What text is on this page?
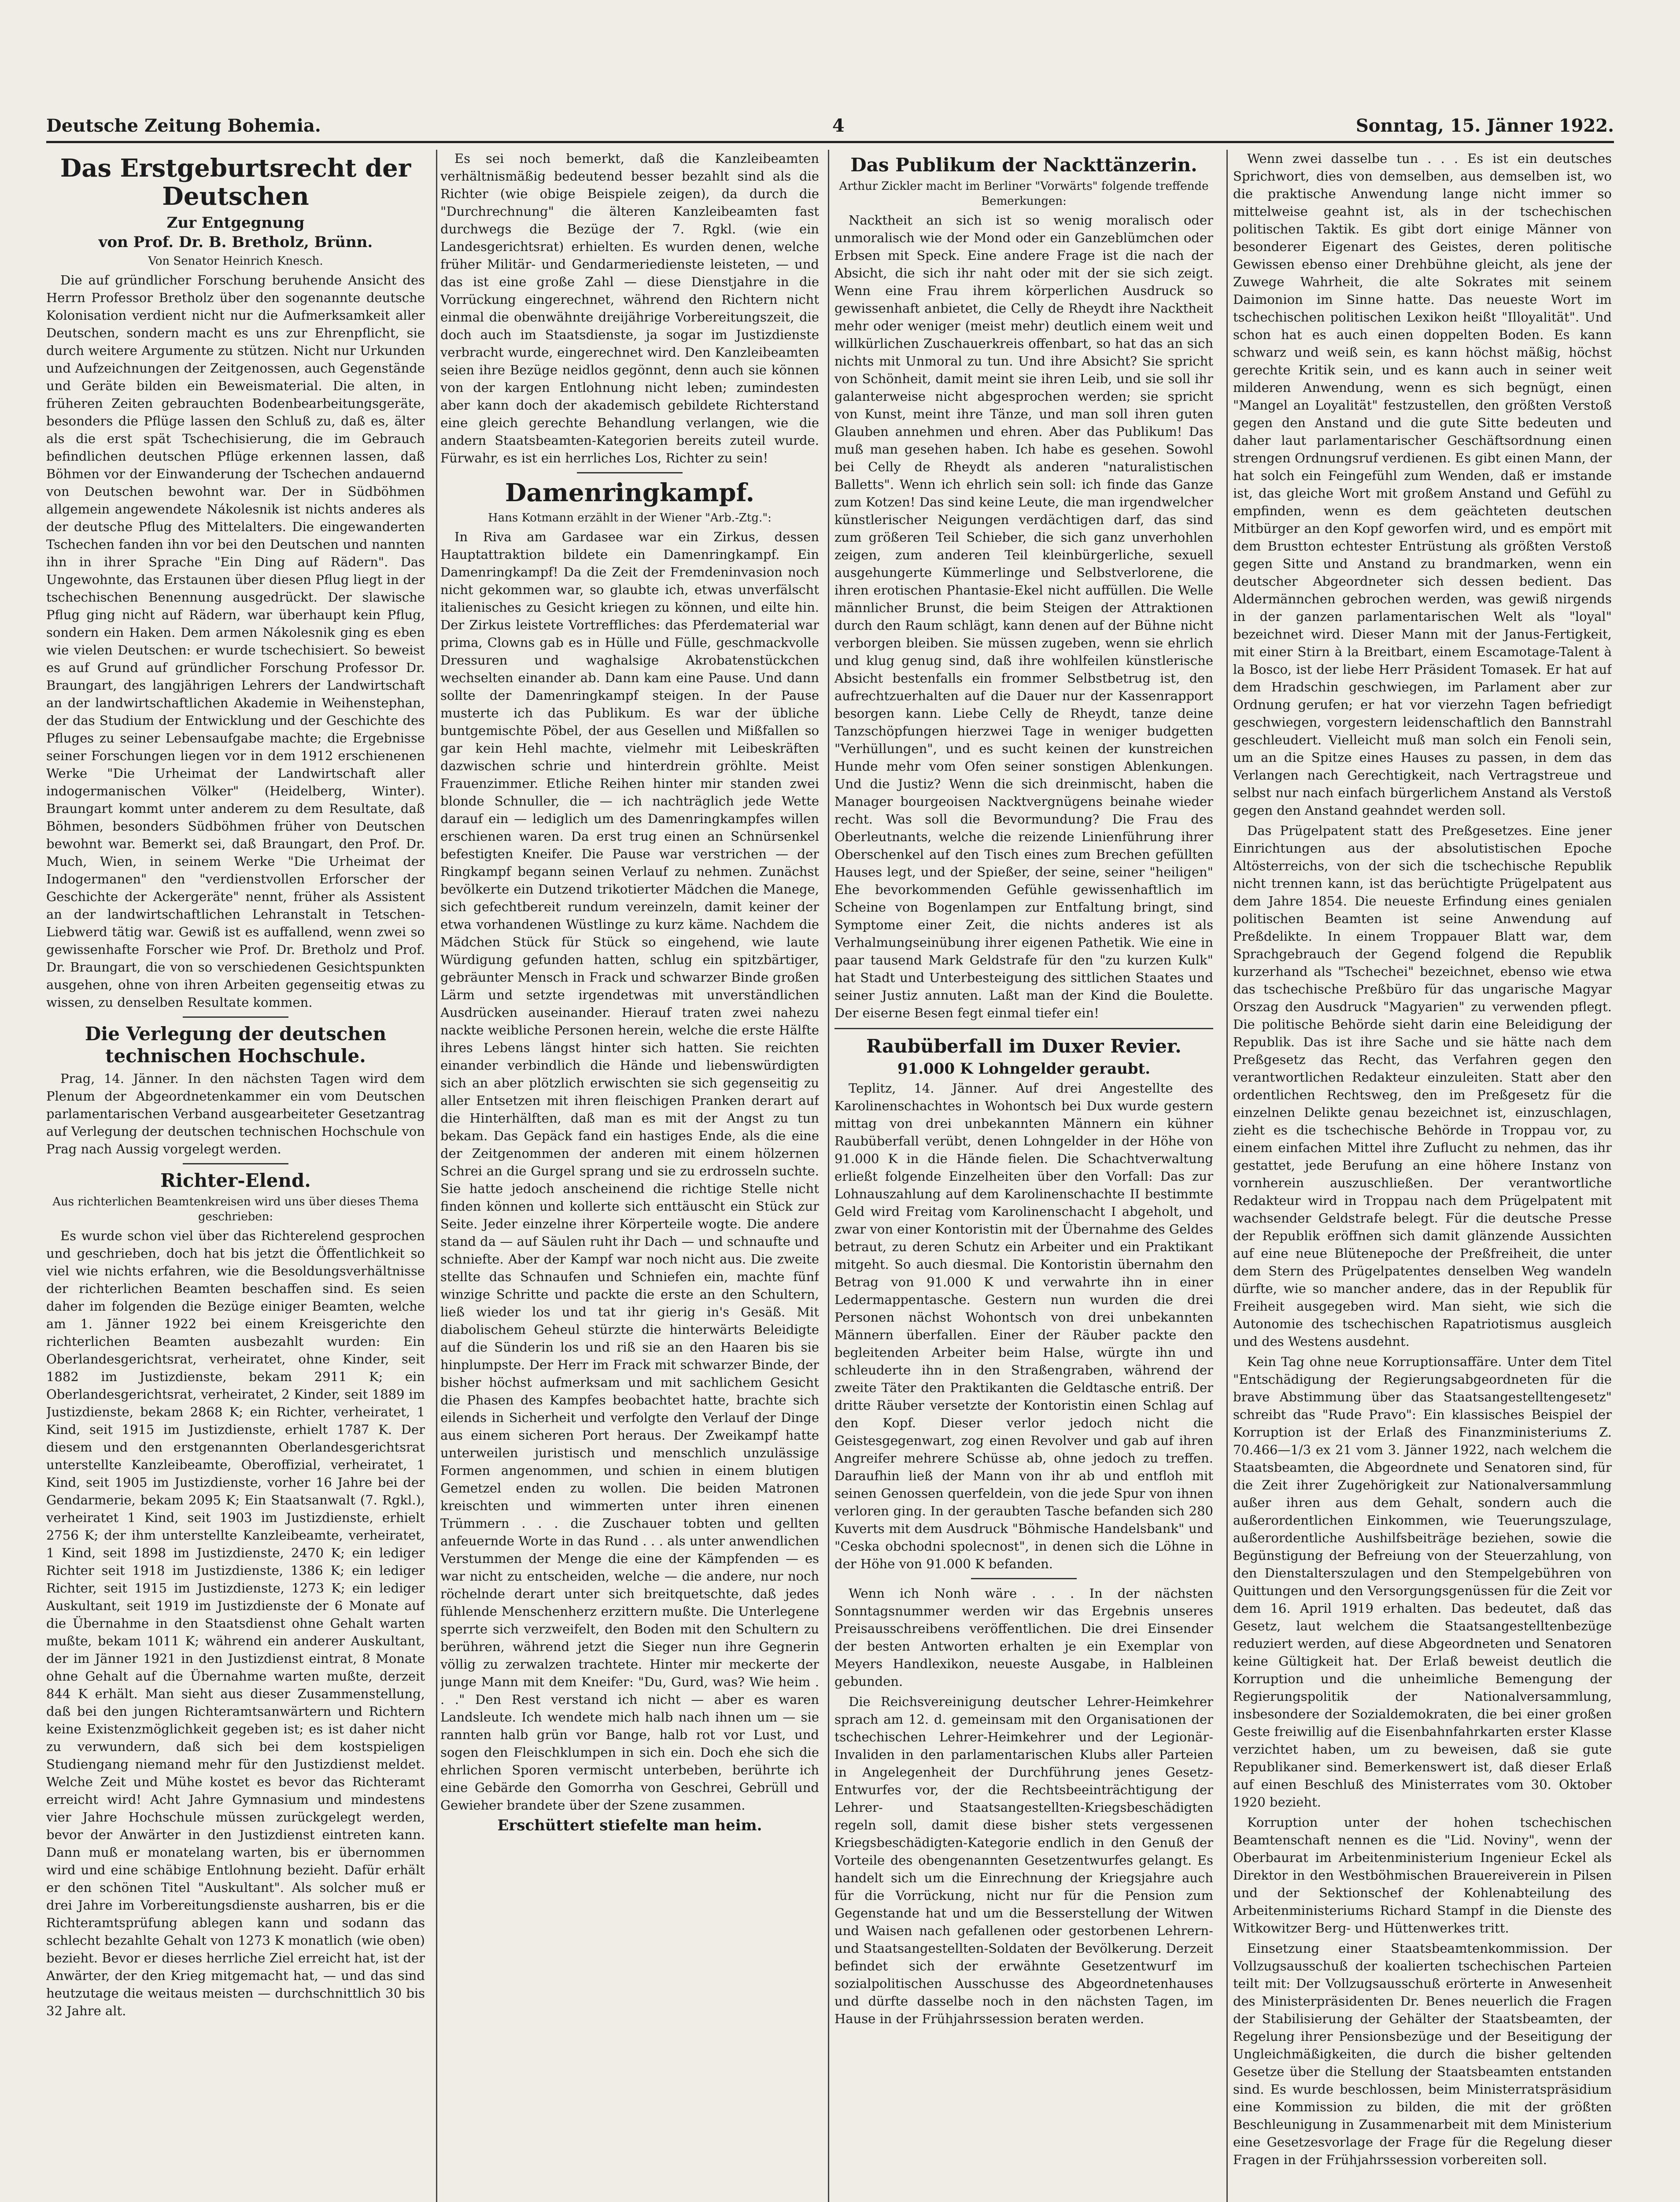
Deutsche Zeitung Bohemia.	4	Sonntag, 15. Jänner 1922.
Das Erstgeburtsrecht der Deutschen
Zur Entgegnung
von Prof. Dr. B. Bretholz, Brünn.
Von Senator Heinrich Knesch.

Die auf gründlicher Forschung beruhende Ansicht des Herrn Professor Bretholz über den sogenannte deutsche Kolonisation verdient nicht nur die Aufmerksamkeit aller Deutschen, sondern macht es uns zur Ehrenpflicht, sie durch weitere Argumente zu stützen. Nicht nur Urkunden und Aufzeichnungen der Zeitgenossen, auch Gegenstände und Geräte bilden ein Beweismaterial. Die alten, in früheren Zeiten gebrauchten Bodenbearbeitungsgeräte, besonders die Pflüge lassen den Schluß zu, daß es, älter als die erst spät Tschechisierung, die im Gebrauch befindlichen deutschen Pflüge erkennen lassen, daß Böhmen vor der Einwanderung der Tschechen andauernd von Deutschen bewohnt war. Der in Südböhmen allgemein angewendete Nákolesnik ist nichts anderes als der deutsche Pflug des Mittelalters. Die eingewanderten Tschechen fanden ihn vor bei den Deutschen und nannten ihn in ihrer Sprache "Ein Ding auf Rädern". Das Ungewohnte, das Erstaunen über diesen Pflug liegt in der tschechischen Benennung ausgedrückt. Der slawische Pflug ging nicht auf Rädern, war überhaupt kein Pflug, sondern ein Haken. Dem armen Nákolesnik ging es eben wie vielen Deutschen: er wurde tschechisiert. So beweist es auf Grund auf gründlicher Forschung Professor Dr. Braungart, des langjährigen Lehrers der Landwirtschaft an der landwirtschaftlichen Akademie in Weihenstephan, der das Studium der Entwicklung und der Geschichte des Pfluges zu seiner Lebensaufgabe machte; die Ergebnisse seiner Forschungen liegen vor in dem 1912 erschienenen Werke "Die Urheimat der Landwirtschaft aller indogermanischen Völker" (Heidelberg, Winter). Braungart kommt unter anderem zu dem Resultate, daß Böhmen, besonders Südböhmen früher von Deutschen bewohnt war. Bemerkt sei, daß Braungart, den Prof. Dr. Much, Wien, in seinem Werke "Die Urheimat der Indogermanen" den "verdienstvollen Erforscher der Geschichte der Ackergeräte" nennt, früher als Assistent an der landwirtschaftlichen Lehranstalt in Tetschen-Liebwerd tätig war. Gewiß ist es auffallend, wenn zwei so gewissenhafte Forscher wie Prof. Dr. Bretholz und Prof. Dr. Braungart, die von so verschiedenen Gesichtspunkten ausgehen, ohne von ihren Arbeiten gegenseitig etwas zu wissen, zu denselben Resultate kommen.

Die Verlegung der deutschen technischen Hochschule.

Prag, 14. Jänner. In den nächsten Tagen wird dem Plenum der Abgeordnetenkammer ein vom Deutschen parlamentarischen Verband ausgearbeiteter Gesetzantrag auf Verlegung der deutschen technischen Hochschule von Prag nach Aussig vorgelegt werden.

Richter-Elend.
Aus richterlichen Beamtenkreisen wird uns über dieses Thema geschrieben:

Es wurde schon viel über das Richterelend gesprochen und geschrieben, doch hat bis jetzt die Öffentlichkeit so viel wie nichts erfahren, wie die Besoldungsverhältnisse der richterlichen Beamten beschaffen sind. Es seien daher im folgenden die Bezüge einiger Beamten, welche am 1. Jänner 1922 bei einem Kreisgerichte den richterlichen Beamten ausbezahlt wurden: Ein Oberlandesgerichtsrat, verheiratet, ohne Kinder, seit 1882 im Justizdienste, bekam 2911 K; ein Oberlandesgerichtsrat, verheiratet, 2 Kinder, seit 1889 im Justizdienste, bekam 2868 K; ein Richter, verheiratet, 1 Kind, seit 1915 im Justizdienste, erhielt 1787 K. Der diesem und den erstgenannten Oberlandesgerichtsrat unterstellte Kanzleibeamte, Oberoffizial, verheiratet, 1 Kind, seit 1905 im Justizdienste, vorher 16 Jahre bei der Gendarmerie, bekam 2095 K; Ein Staatsanwalt (7. Rgkl.), verheiratet 1 Kind, seit 1903 im Justizdienste, erhielt 2756 K; der ihm unterstellte Kanzleibeamte, verheiratet, 1 Kind, seit 1898 im Justizdienste, 2470 K; ein lediger Richter seit 1918 im Justizdienste, 1386 K; ein lediger Richter, seit 1915 im Justizdienste, 1273 K; ein lediger Auskultant, seit 1919 im Justizdienste der 6 Monate auf die Übernahme in den Staatsdienst ohne Gehalt warten mußte, bekam 1011 K; während ein anderer Auskultant, der im Jänner 1921 in den Justizdienst eintrat, 8 Monate ohne Gehalt auf die Übernahme warten mußte, derzeit 844 K erhält. Man sieht aus dieser Zusammenstellung, daß bei den jungen Richteramtsanwärtern und Richtern keine Existenzmöglichkeit gegeben ist; es ist daher nicht zu verwundern, daß sich bei dem kostspieligen Studiengang niemand mehr für den Justizdienst meldet. Welche Zeit und Mühe kostet es bevor das Richteramt erreicht wird! Acht Jahre Gymnasium und mindestens vier Jahre Hochschule müssen zurückgelegt werden, bevor der Anwärter in den Justizdienst eintreten kann. Dann muß er monatelang warten, bis er übernommen wird und eine schäbige Entlohnung bezieht. Dafür erhält er den schönen Titel "Auskultant". Als solcher muß er drei Jahre im Vorbereitungsdienste ausharren, bis er die Richteramtsprüfung ablegen kann und sodann das schlecht bezahlte Gehalt von 1273 K monatlich (wie oben) bezieht. Bevor er dieses herrliche Ziel erreicht hat, ist der Anwärter, der den Krieg mitgemacht hat, — und das sind heutzutage die weitaus meisten — durchschnittlich 30 bis 32 Jahre alt.

Es sei noch bemerkt, daß die Kanzleibeamten verhältnismäßig bedeutend besser bezahlt sind als die Richter (wie obige Beispiele zeigen), da durch die "Durchrechnung" die älteren Kanzleibeamten fast durchwegs die Bezüge der 7. Rgkl. (wie ein Landesgerichtsrat) erhielten. Es wurden denen, welche früher Militär- und Gendarmeriedienste leisteten, — und das ist eine große Zahl — diese Dienstjahre in die Vorrückung eingerechnet, während den Richtern nicht einmal die obenwähnte dreijährige Vorbereitungszeit, die doch auch im Staatsdienste, ja sogar im Justizdienste verbracht wurde, eingerechnet wird. Den Kanzleibeamten seien ihre Bezüge neidlos gegönnt, denn auch sie können von der kargen Entlohnung nicht leben; zumindesten aber kann doch der akademisch gebildete Richterstand eine gleich gerechte Behandlung verlangen, wie die andern Staatsbeamten-Kategorien bereits zuteil wurde. Fürwahr, es ist ein herrliches Los, Richter zu sein!

Damenringkampf.
Hans Kotmann erzählt in der Wiener "Arb.-Ztg.":

In Riva am Gardasee war ein Zirkus, dessen Hauptattraktion bildete ein Damenringkampf. Ein Damenringkampf! Da die Zeit der Fremdeninvasion noch nicht gekommen war, so glaubte ich, etwas unverfälscht italienisches zu Gesicht kriegen zu können, und eilte hin. Der Zirkus leistete Vortreffliches: das Pferdematerial war prima, Clowns gab es in Hülle und Fülle, geschmackvolle Dressuren und waghalsige Akrobatenstückchen wechselten einander ab. Dann kam eine Pause. Und dann sollte der Damenringkampf steigen. In der Pause musterte ich das Publikum. Es war der übliche buntgemischte Pöbel, der aus Gesellen und Mißfallen so gar kein Hehl machte, vielmehr mit Leibeskräften dazwischen schrie und hinterdrein gröhlte. Meist Frauenzimmer. Etliche Reihen hinter mir standen zwei blonde Schnuller, die — ich nachträglich jede Wette darauf ein — lediglich um des Damenringkampfes willen erschienen waren. Da erst trug einen an Schnürsenkel befestigten Kneifer. Die Pause war verstrichen — der Ringkampf begann seinen Verlauf zu nehmen. Zunächst bevölkerte ein Dutzend trikotierter Mädchen die Manege, sich gefechtbereit rundum vereinzeln, damit keiner der etwa vorhandenen Wüstlinge zu kurz käme. Nachdem die Mädchen Stück für Stück so eingehend, wie laute Würdigung gefunden hatten, schlug ein spitzbärtiger, gebräunter Mensch in Frack und schwarzer Binde großen Lärm und setzte irgendetwas mit unverständlichen Ausdrücken auseinander. Hierauf traten zwei nahezu nackte weibliche Personen herein, welche die erste Hälfte ihres Lebens längst hinter sich hatten. Sie reichten einander verbindlich die Hände und liebenswürdigten sich an aber plötzlich erwischten sie sich gegenseitig zu aller Entsetzen mit ihren fleischigen Pranken derart auf die Hinterhälften, daß man es mit der Angst zu tun bekam. Das Gepäck fand ein hastiges Ende, als die eine der Zeitgenommen der anderen mit einem hölzernen Schrei an die Gurgel sprang und sie zu erdrosseln suchte. Sie hatte jedoch anscheinend die richtige Stelle nicht finden können und kollerte sich enttäuscht ein Stück zur Seite. Jeder einzelne ihrer Körperteile wogte. Die andere stand da — auf Säulen ruht ihr Dach — und schnaufte und schniefte. Aber der Kampf war noch nicht aus. Die zweite stellte das Schnaufen und Schniefen ein, machte fünf winzige Schritte und packte die erste an den Schultern, ließ wieder los und tat ihr gierig in's Gesäß. Mit diabolischem Geheul stürzte die hinterwärts Beleidigte auf die Sünderin los und riß sie an den Haaren bis sie hinplumpste. Der Herr im Frack mit schwarzer Binde, der bisher höchst aufmerksam und mit sachlichem Gesicht die Phasen des Kampfes beobachtet hatte, brachte sich eilends in Sicherheit und verfolgte den Verlauf der Dinge aus einem sicheren Port heraus. Der Zweikampf hatte unterweilen juristisch und menschlich unzulässige Formen angenommen, und schien in einem blutigen Gemetzel enden zu wollen. Die beiden Matronen kreischten und wimmerten unter ihren einenen Trümmern . . . die Zuschauer tobten und gellten anfeuernde Worte in das Rund . . . als unter anwendlichen Verstummen der Menge die eine der Kämpfenden — es war nicht zu entscheiden, welche — die andere, nur noch röchelnde derart unter sich breitquetschte, daß jedes fühlende Menschenherz erzittern mußte. Die Unterlegene sperrte sich verzweifelt, den Boden mit den Schultern zu berühren, während jetzt die Sieger nun ihre Gegnerin völlig zu zerwalzen trachtete. Hinter mir meckerte der junge Mann mit dem Kneifer: "Du, Gurd, was? Wie heim . . ." Den Rest verstand ich nicht — aber es waren Landsleute. Ich wendete mich halb nach ihnen um — sie rannten halb grün vor Bange, halb rot vor Lust, und sogen den Fleischklumpen in sich ein. Doch ehe sich die ehrlichen Sporen vermischt unterbeben, berührte ich eine Gebärde den Gomorrha von Geschrei, Gebrüll und Gewieher brandete über der Szene zusammen.

Erschüttert stiefelte man heim.
Das Publikum der Nackttänzerin.
Arthur Zickler macht im Berliner "Vorwärts" folgende treffende Bemerkungen:

Nacktheit an sich ist so wenig moralisch oder unmoralisch wie der Mond oder ein Ganzeblümchen oder Erbsen mit Speck. Eine andere Frage ist die nach der Absicht, die sich ihr naht oder mit der sie sich zeigt. Wenn eine Frau ihrem körperlichen Ausdruck so gewissenhaft anbietet, die Celly de Rheydt ihre Nacktheit mehr oder weniger (meist mehr) deutlich einem weit und willkürlichen Zuschauerkreis offenbart, so hat das an sich nichts mit Unmoral zu tun. Und ihre Absicht? Sie spricht von Schönheit, damit meint sie ihren Leib, und sie soll ihr galanterweise nicht abgesprochen werden; sie spricht von Kunst, meint ihre Tänze, und man soll ihren guten Glauben annehmen und ehren. Aber das Publikum! Das muß man gesehen haben. Ich habe es gesehen. Sowohl bei Celly de Rheydt als anderen "naturalistischen Balletts". Wenn ich ehrlich sein soll: ich finde das Ganze zum Kotzen! Das sind keine Leute, die man irgendwelcher künstlerischer Neigungen verdächtigen darf, das sind zum größeren Teil Schieber, die sich ganz unverhohlen zeigen, zum anderen Teil kleinbürgerliche, sexuell ausgehungerte Kümmerlinge und Selbstverlorene, die ihren erotischen Phantasie-Ekel nicht auffüllen. Die Welle männlicher Brunst, die beim Steigen der Attraktionen durch den Raum schlägt, kann denen auf der Bühne nicht verborgen bleiben. Sie müssen zugeben, wenn sie ehrlich und klug genug sind, daß ihre wohlfeilen künstlerische Absicht bestenfalls ein frommer Selbstbetrug ist, den aufrechtzuerhalten auf die Dauer nur der Kassenrapport besorgen kann. Liebe Celly de Rheydt, tanze deine Tanzschöpfungen hierzwei Tage in weniger budgetten "Verhüllungen", und es sucht keinen der kunstreichen Hunde mehr vom Ofen seiner sonstigen Ablenkungen. Und die Justiz? Wenn die sich dreinmischt, haben die Manager bourgeoisen Nacktvergnügens beinahe wieder recht. Was soll die Bevormundung? Die Frau des Oberleutnants, welche die reizende Linienführung ihrer Oberschenkel auf den Tisch eines zum Brechen gefüllten Hauses legt, und der Spießer, der seine, seiner "heiligen" Ehe bevorkommenden Gefühle gewissenhaftlich im Scheine von Bogenlampen zur Entfaltung bringt, sind Symptome einer Zeit, die nichts anderes ist als Verhalmungseinübung ihrer eigenen Pathetik. Wie eine in paar tausend Mark Geldstrafe für den "zu kurzen Kulk" hat Stadt und Unterbesteigung des sittlichen Staates und seiner Justiz annuten. Laßt man der Kind die Boulette. Der eiserne Besen fegt einmal tiefer ein!

Raubüberfall im Duxer Revier.
91.000 K Lohngelder geraubt.

Teplitz, 14. Jänner. Auf drei Angestellte des Karolinenschachtes in Wohontsch bei Dux wurde gestern mittag von drei unbekannten Männern ein kühner Raubüberfall verübt, denen Lohngelder in der Höhe von 91.000 K in die Hände fielen. Die Schachtverwaltung erließt folgende Einzelheiten über den Vorfall: Das zur Lohnauszahlung auf dem Karolinenschachte II bestimmte Geld wird Freitag vom Karolinenschacht I abgeholt, und zwar von einer Kontoristin mit der Übernahme des Geldes betraut, zu deren Schutz ein Arbeiter und ein Praktikant mitgeht. So auch diesmal. Die Kontoristin übernahm den Betrag von 91.000 K und verwahrte ihn in einer Ledermappentasche. Gestern nun wurden die drei Personen nächst Wohontsch von drei unbekannten Männern überfallen. Einer der Räuber packte den begleitenden Arbeiter beim Halse, würgte ihn und schleuderte ihn in den Straßengraben, während der zweite Täter den Praktikanten die Geldtasche entriß. Der dritte Räuber versetzte der Kontoristin einen Schlag auf den Kopf. Dieser verlor jedoch nicht die Geistesgegenwart, zog einen Revolver und gab auf ihren Angreifer mehrere Schüsse ab, ohne jedoch zu treffen. Daraufhin ließ der Mann von ihr ab und entfloh mit seinen Genossen querfeldein, von die jede Spur von ihnen verloren ging. In der geraubten Tasche befanden sich 280 Kuverts mit dem Ausdruck "Böhmische Handelsbank" und "Ceska obchodni spolecnost", in denen sich die Löhne in der Höhe von 91.000 K befanden.

Wenn ich Nonh wäre . . . In der nächsten Sonntagsnummer werden wir das Ergebnis unseres Preisausschreibens veröffentlichen. Die drei Einsender der besten Antworten erhalten je ein Exemplar von Meyers Handlexikon, neueste Ausgabe, in Halbleinen gebunden.

Die Reichsvereinigung deutscher Lehrer-Heimkehrer sprach am 12. d. gemeinsam mit den Organisationen der tschechischen Lehrer-Heimkehrer und der Legionär-Invaliden in den parlamentarischen Klubs aller Parteien in Angelegenheit der Durchführung jenes Gesetz-Entwurfes vor, der die Rechtsbeeinträchtigung der Lehrer- und Staatsangestellten-Kriegsbeschädigten regeln soll, damit diese bisher stets vergessenen Kriegsbeschädigten-Kategorie endlich in den Genuß der Vorteile des obengenannten Gesetzentwurfes gelangt. Es handelt sich um die Einrechnung der Kriegsjahre auch für die Vorrückung, nicht nur für die Pension zum Gegenstande hat und um die Besserstellung der Witwen und Waisen nach gefallenen oder gestorbenen Lehrern- und Staatsangestellten-Soldaten der Bevölkerung. Derzeit befindet sich der erwähnte Gesetzentwurf im sozialpolitischen Ausschusse des Abgeordnetenhauses und dürfte dasselbe noch in den nächsten Tagen, im Hause in der Frühjahrssession beraten werden.

Wenn zwei dasselbe tun . . . Es ist ein deutsches Sprichwort, dies von demselben, aus demselben ist, wo die praktische Anwendung lange nicht immer so mittelweise geahnt ist, als in der tschechischen politischen Taktik. Es gibt dort einige Männer von besonderer Eigenart des Geistes, deren politische Gewissen ebenso einer Drehbühne gleicht, als jene der Zuwege Wahrheit, die alte Sokrates mit seinem Daimonion im Sinne hatte. Das neueste Wort im tschechischen politischen Lexikon heißt "Illoyalität". Und schon hat es auch einen doppelten Boden. Es kann schwarz und weiß sein, es kann höchst mäßig, höchst gerechte Kritik sein, und es kann auch in seiner weit milderen Anwendung, wenn es sich begnügt, einen "Mangel an Loyalität" festzustellen, den größten Verstoß gegen den Anstand und die gute Sitte bedeuten und daher laut parlamentarischer Geschäftsordnung einen strengen Ordnungsruf verdienen. Es gibt einen Mann, der hat solch ein Feingefühl zum Wenden, daß er imstande ist, das gleiche Wort mit großem Anstand und Gefühl zu empfinden, wenn es dem geächteten deutschen Mitbürger an den Kopf geworfen wird, und es empört mit dem Brustton echtester Entrüstung als größten Verstoß gegen Sitte und Anstand zu brandmarken, wenn ein deutscher Abgeordneter sich dessen bedient. Das Aldermännchen gebrochen werden, was gewiß nirgends in der ganzen parlamentarischen Welt als "loyal" bezeichnet wird. Dieser Mann mit der Janus-Fertigkeit, mit einer Stirn à la Breitbart, einem Escamotage-Talent à la Bosco, ist der liebe Herr Präsident Tomasek. Er hat auf dem Hradschin geschwiegen, im Parlament aber zur Ordnung gerufen; er hat vor vierzehn Tagen befriedigt geschwiegen, vorgestern leidenschaftlich den Bannstrahl geschleudert. Vielleicht muß man solch ein Fenoli sein, um an die Spitze eines Hauses zu passen, in dem das Verlangen nach Gerechtigkeit, nach Vertragstreue und selbst nur nach einfach bürgerlichem Anstand als Verstoß gegen den Anstand geahndet werden soll.

Das Prügelpatent statt des Preßgesetzes. Eine jener Einrichtungen aus der absolutistischen Epoche Altösterreichs, von der sich die tschechische Republik nicht trennen kann, ist das berüchtigte Prügelpatent aus dem Jahre 1854. Die neueste Erfindung eines genialen politischen Beamten ist seine Anwendung auf Preßdelikte. In einem Troppauer Blatt war, dem Sprachgebrauch der Gegend folgend die Republik kurzerhand als "Tschechei" bezeichnet, ebenso wie etwa das tschechische Preßbüro für das ungarische Magyar Orszag den Ausdruck "Magyarien" zu verwenden pflegt. Die politische Behörde sieht darin eine Beleidigung der Republik. Das ist ihre Sache und sie hätte nach dem Preßgesetz das Recht, das Verfahren gegen den verantwortlichen Redakteur einzuleiten. Statt aber den ordentlichen Rechtsweg, den im Preßgesetz für die einzelnen Delikte genau bezeichnet ist, einzuschlagen, zieht es die tschechische Behörde in Troppau vor, zu einem einfachen Mittel ihre Zuflucht zu nehmen, das ihr gestattet, jede Berufung an eine höhere Instanz von vornherein auszuschließen. Der verantwortliche Redakteur wird in Troppau nach dem Prügelpatent mit wachsender Geldstrafe belegt. Für die deutsche Presse der Republik eröffnen sich damit glänzende Aussichten auf eine neue Blütenepoche der Preßfreiheit, die unter dem Stern des Prügelpatentes denselben Weg wandeln dürfte, wie so mancher andere, das in der Republik für Freiheit ausgegeben wird. Man sieht, wie sich die Autonomie des tschechischen Rapatriotismus ausgleich und des Westens ausdehnt.

Kein Tag ohne neue Korruptionsaffäre. Unter dem Titel "Entschädigung der Regierungsabgeordneten für die brave Abstimmung über das Staatsangestelltengesetz" schreibt das "Rude Pravo": Ein klassisches Beispiel der Korruption ist der Erlaß des Finanzministeriums Z. 70.466—1/3 ex 21 vom 3. Jänner 1922, nach welchem die Staatsbeamten, die Abgeordnete und Senatoren sind, für die Zeit ihrer Zugehörigkeit zur Nationalversammlung außer ihren aus dem Gehalt, sondern auch die außerordentlichen Einkommen, wie Teuerungszulage, außerordentliche Aushilfsbeiträge beziehen, sowie die Begünstigung der Befreiung von der Steuerzahlung, von den Dienstalterszulagen und den Stempelgebühren von Quittungen und den Versorgungsgenüssen für die Zeit vor dem 16. April 1919 erhalten. Das bedeutet, daß das Gesetz, laut welchem die Staatsangestelltenbezüge reduziert werden, auf diese Abgeordneten und Senatoren keine Gültigkeit hat. Der Erlaß beweist deutlich die Korruption und die unheimliche Bemengung der Regierungspolitik der Nationalversammlung, insbesondere der Sozialdemokraten, die bei einer großen Geste freiwillig auf die Eisenbahnfahrkarten erster Klasse verzichtet haben, um zu beweisen, daß sie gute Republikaner sind. Bemerkenswert ist, daß dieser Erlaß auf einen Beschluß des Ministerrates vom 30. Oktober 1920 bezieht.

Korruption unter der hohen tschechischen Beamtenschaft nennen es die "Lid. Noviny", wenn der Oberbaurat im Arbeitenministerium Ingenieur Eckel als Direktor in den Westböhmischen Brauereiverein in Pilsen und der Sektionschef der Kohlenabteilung des Arbeitenministeriums Richard Stampf in die Dienste des Witkowitzer Berg- und Hüttenwerkes tritt.

Einsetzung einer Staatsbeamtenkommission. Der Vollzugsausschuß der koalierten tschechischen Parteien teilt mit: Der Vollzugsausschuß erörterte in Anwesenheit des Ministerpräsidenten Dr. Benes neuerlich die Fragen der Stabilisierung der Gehälter der Staatsbeamten, der Regelung ihrer Pensionsbezüge und der Beseitigung der Ungleichmäßigkeiten, die durch die bisher geltenden Gesetze über die Stellung der Staatsbeamten entstanden sind. Es wurde beschlossen, beim Ministerratspräsidium eine Kommission zu bilden, die mit der größten Beschleunigung in Zusammenarbeit mit dem Ministerium eine Gesetzesvorlage der Frage für die Regelung dieser Fragen in der Frühjahrssession vorbereiten soll.
